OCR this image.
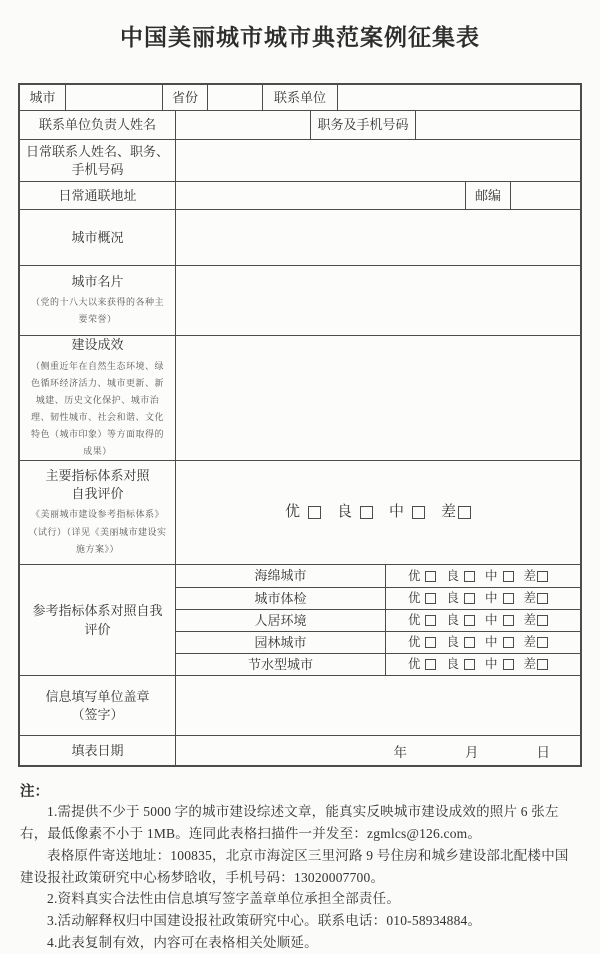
中国美丽城市城市典范案例征集表
城市	省份	联系单位
联系单位负责人姓名	职务及手机号码
日常联系人姓名、职务、手机号码
日常通联地址	邮编
城市概况
城市名片
（党的十八大以来获得的各种主要荣誉）
建设成效
（侧重近年在自然生态环境、绿色循环经济活力、城市更新、新城建、历史文化保护、城市治理、韧性城市、社会和谐、文化特色（城市印象）等方面取得的成果）
主要指标体系对照
自我评价
《美丽城市建设参考指标体系》（试行）（详见《美丽城市建设实施方案》）
优 良 中 差
参考指标体系对照自我评价
海绵城市	优 良 中 差
城市体检	优 良 中 差
人居环境	优 良 中 差
园林城市	优 良 中 差
节水型城市	优 良 中 差
信息填写单位盖章
（签字）
填表日期	年	月	日
注：

1.需提供不少于 5000 字的城市建设综述文章，能真实反映城市建设成效的照片 6 张左右，最低像素不小于 1MB。连同此表格扫描件一并发至：zgmlcs@126.com。

表格原件寄送地址：100835，北京市海淀区三里河路 9 号住房和城乡建设部北配楼中国建设报社政策研究中心杨梦晗收，手机号码：13020007700。

2.资料真实合法性由信息填写签字盖章单位承担全部责任。

3.活动解释权归中国建设报社政策研究中心。联系电话：010-58934884。

4.此表复制有效，内容可在表格相关处顺延。
